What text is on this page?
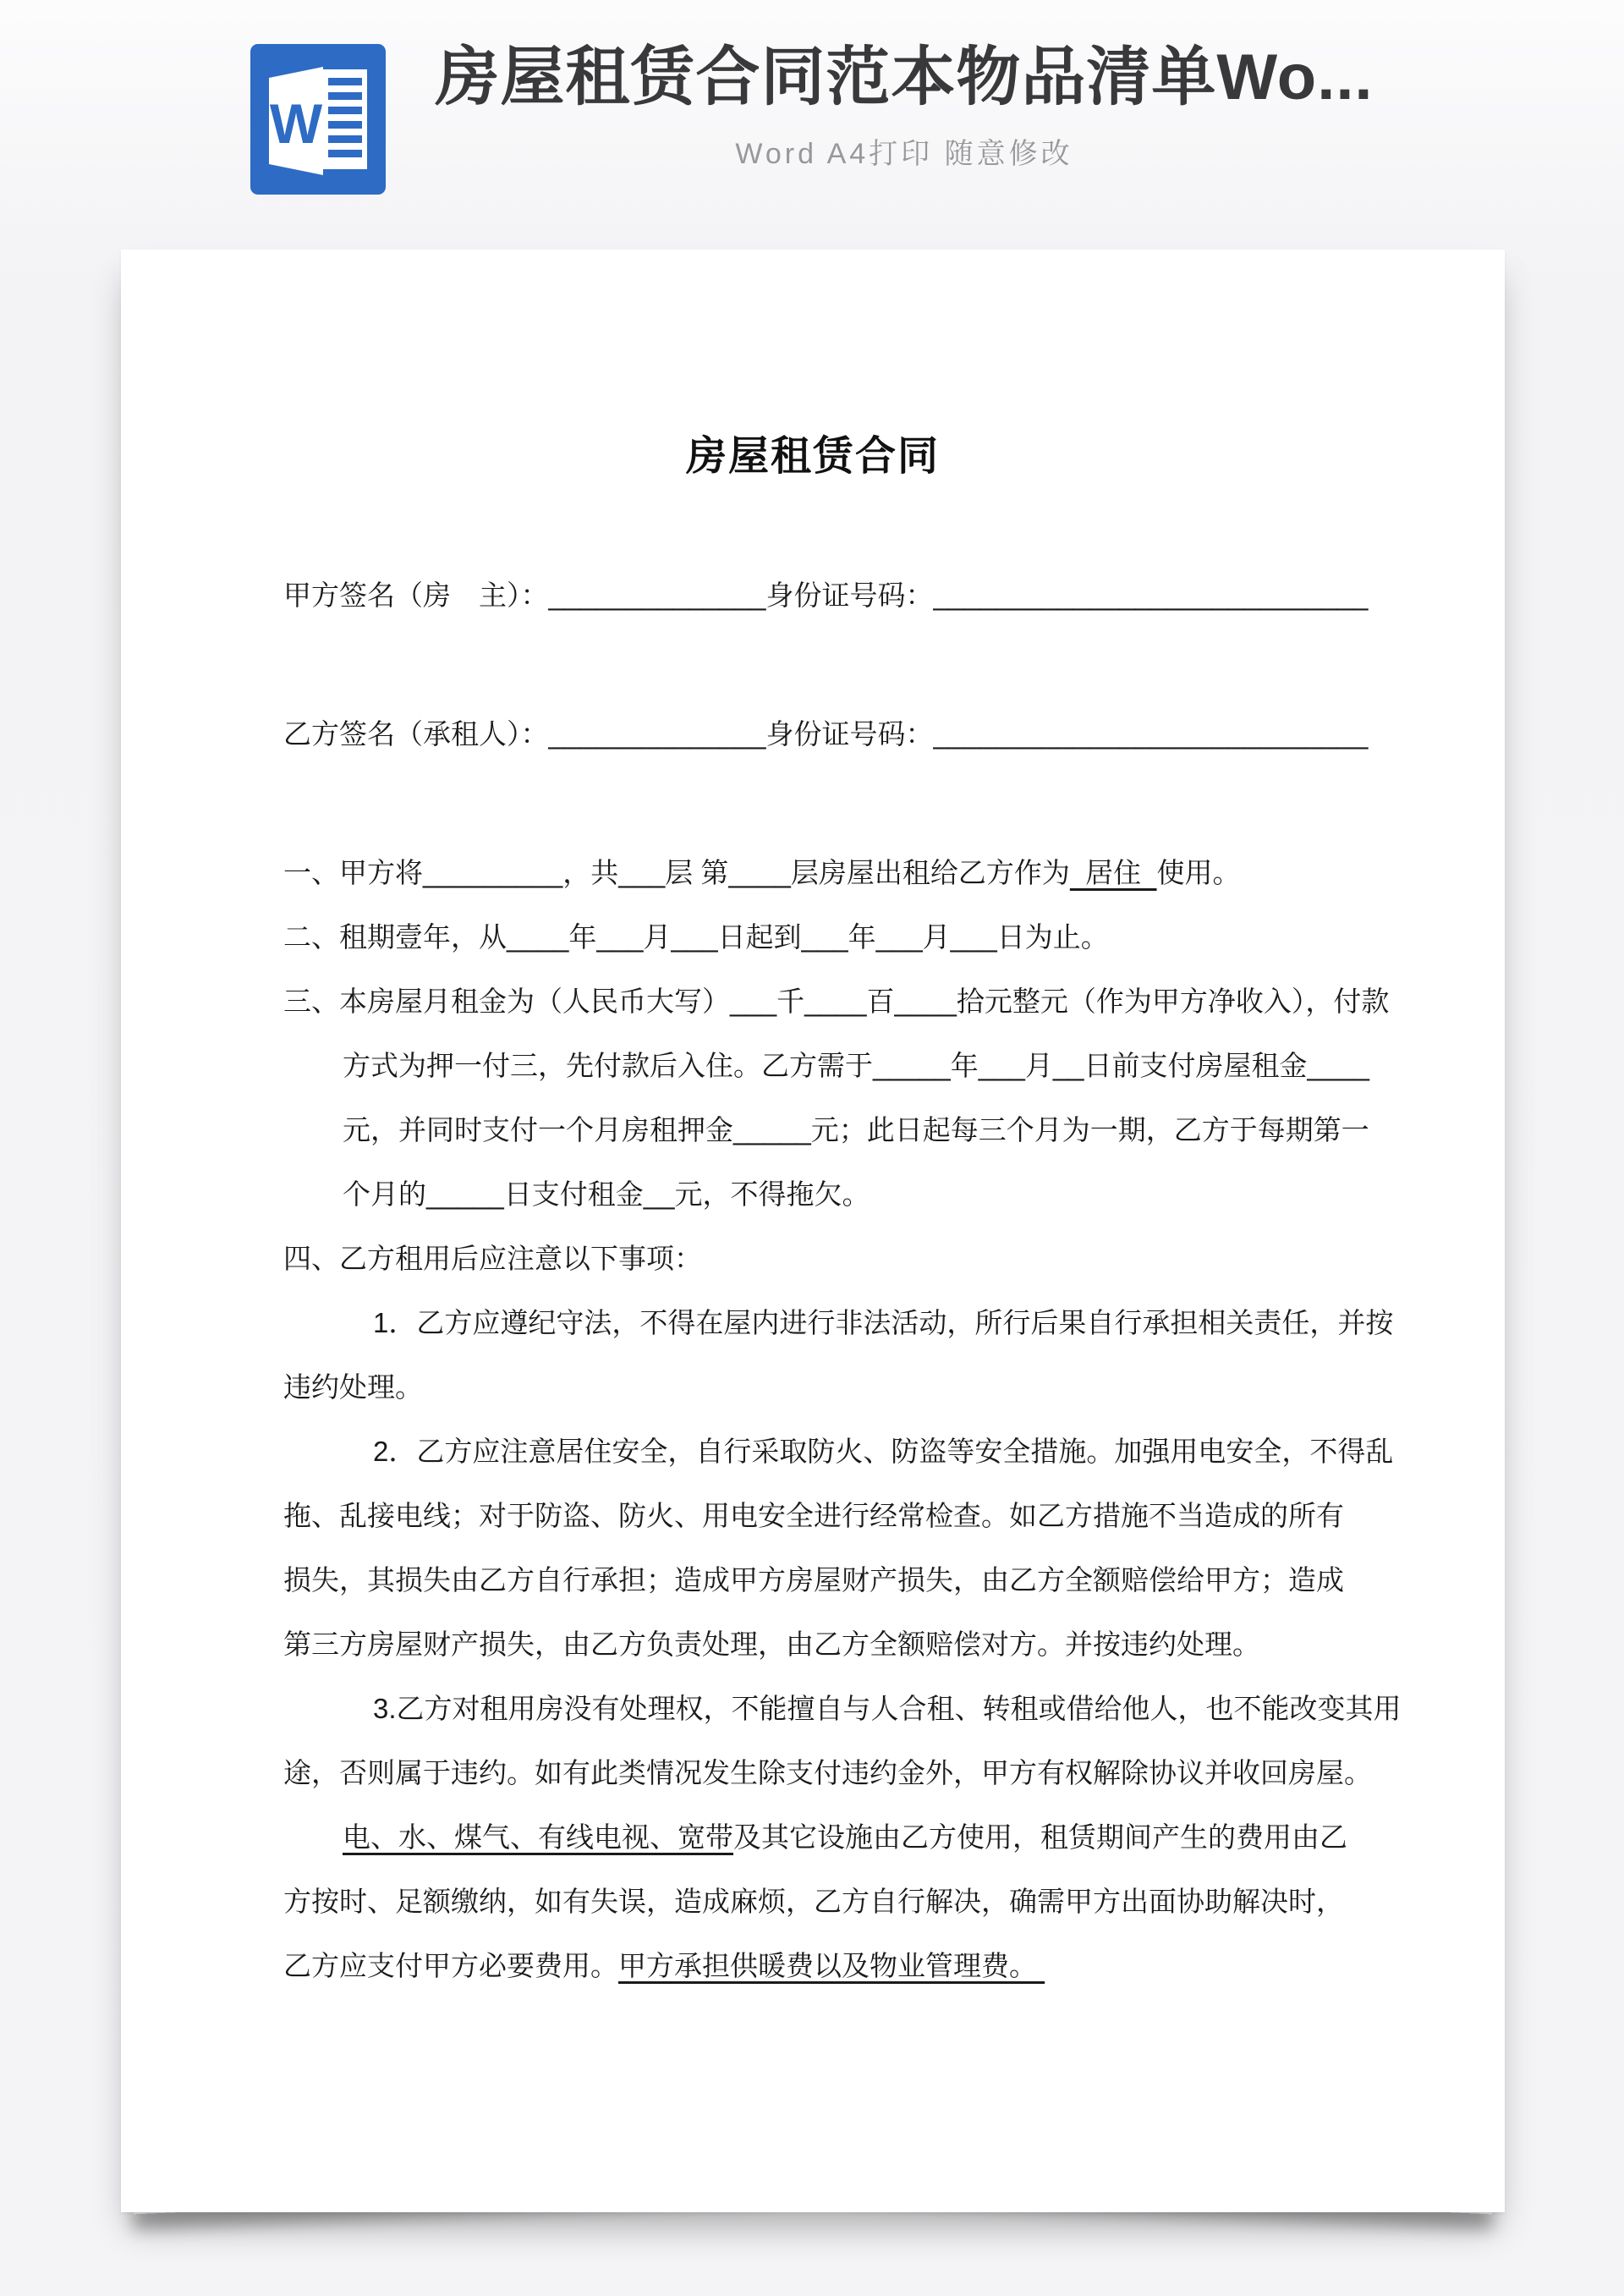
W
房屋租赁合同范本物品清单Wo...
Word A4打印 随意修改
房屋租赁合同
甲方签名（房　主）：______________身份证号码：____________________________
乙方签名（承租人）：______________身份证号码：____________________________
一、甲方将_________，共___层 第____层房屋出租给乙方作为  居住  使用。
二、租期壹年，从____年___月___日起到___年___月___日为止。
三、本房屋月租金为（人民币大写）___千____百____拾元整元（作为甲方净收入），付款
方式为押一付三，先付款后入住。乙方需于_____年___月__日前支付房屋租金____
元，并同时支付一个月房租押金_____元；此日起每三个月为一期，乙方于每期第一
个月的_____日支付租金__元，不得拖欠。
四、乙方租用后应注意以下事项：
1．乙方应遵纪守法，不得在屋内进行非法活动，所行后果自行承担相关责任，并按
违约处理。
2．乙方应注意居住安全，自行采取防火、防盗等安全措施。加强用电安全，不得乱
拖、乱接电线；对于防盗、防火、用电安全进行经常检查。如乙方措施不当造成的所有
损失，其损失由乙方自行承担；造成甲方房屋财产损失，由乙方全额赔偿给甲方；造成
第三方房屋财产损失，由乙方负责处理，由乙方全额赔偿对方。并按违约处理。
3.乙方对租用房没有处理权，不能擅自与人合租、转租或借给他人，也不能改变其用
途，否则属于违约。如有此类情况发生除支付违约金外，甲方有权解除协议并收回房屋。
电、水、煤气、有线电视、宽带及其它设施由乙方使用，租赁期间产生的费用由乙
方按时、足额缴纳，如有失误，造成麻烦，乙方自行解决，确需甲方出面协助解决时，
乙方应支付甲方必要费用。甲方承担供暖费以及物业管理费。
